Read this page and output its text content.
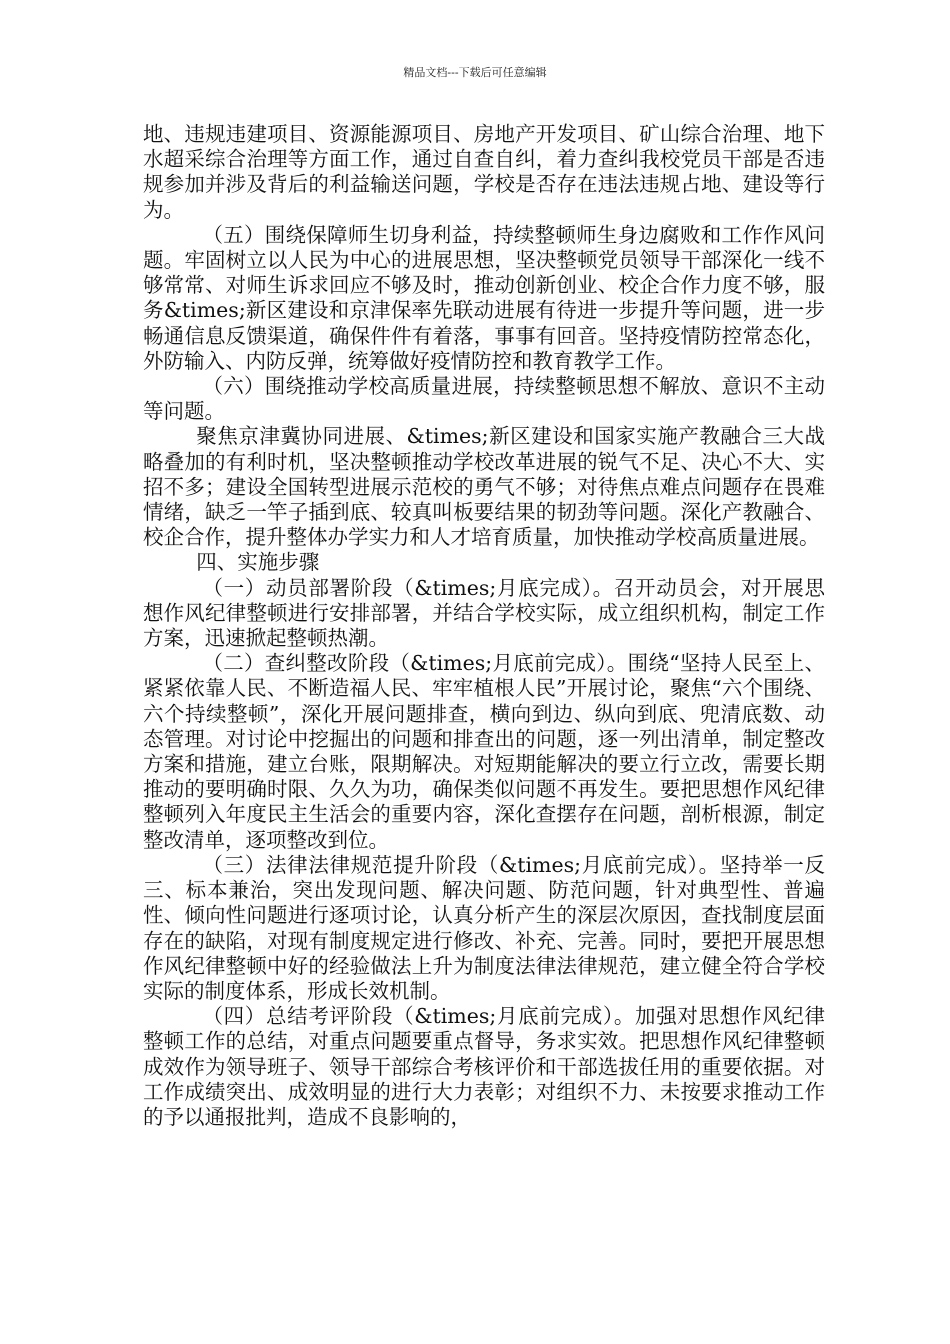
精品文档---下载后可任意编辑

地、违规违建项目、资源能源项目、房地产开发项目、矿山综合治理、地下水超采综合治理等方面工作，通过自查自纠，着力查纠我校党员干部是否违规参加并涉及背后的利益输送问题，学校是否存在违法违规占地、建设等行为。

（五）围绕保障师生切身利益，持续整顿师生身边腐败和工作作风问题。牢固树立以人民为中心的进展思想，坚决整顿党员领导干部深化一线不够常常、对师生诉求回应不够及时，推动创新创业、校企合作力度不够，服务&times;新区建设和京津保率先联动进展有待进一步提升等问题，进一步畅通信息反馈渠道，确保件件有着落，事事有回音。坚持疫情防控常态化，外防输入、内防反弹，统筹做好疫情防控和教育教学工作。

（六）围绕推动学校高质量进展，持续整顿思想不解放、意识不主动等问题。

聚焦京津冀协同进展、&times;新区建设和国家实施产教融合三大战略叠加的有利时机，坚决整顿推动学校改革进展的锐气不足、决心不大、实招不多；建设全国转型进展示范校的勇气不够；对待焦点难点问题存在畏难情绪，缺乏一竿子插到底、较真叫板要结果的韧劲等问题。深化产教融合、校企合作，提升整体办学实力和人才培育质量，加快推动学校高质量进展。

四、实施步骤

（一）动员部署阶段（&times;月底完成）。召开动员会，对开展思想作风纪律整顿进行安排部署，并结合学校实际，成立组织机构，制定工作方案，迅速掀起整顿热潮。

（二）查纠整改阶段（&times;月底前完成）。围绕“坚持人民至上、紧紧依靠人民、不断造福人民、牢牢植根人民”开展讨论，聚焦“六个围绕、六个持续整顿”，深化开展问题排查，横向到边、纵向到底、兜清底数、动态管理。对讨论中挖掘出的问题和排查出的问题，逐一列出清单，制定整改方案和措施，建立台账，限期解决。对短期能解决的要立行立改，需要长期推动的要明确时限、久久为功，确保类似问题不再发生。要把思想作风纪律整顿列入年度民主生活会的重要内容，深化查摆存在问题，剖析根源，制定整改清单，逐项整改到位。

（三）法律法律规范提升阶段（&times;月底前完成）。坚持举一反三、标本兼治，突出发现问题、解决问题、防范问题，针对典型性、普遍性、倾向性问题进行逐项讨论，认真分析产生的深层次原因，查找制度层面存在的缺陷，对现有制度规定进行修改、补充、完善。同时，要把开展思想作风纪律整顿中好的经验做法上升为制度法律法律规范，建立健全符合学校实际的制度体系，形成长效机制。

（四）总结考评阶段（&times;月底前完成）。加强对思想作风纪律整顿工作的总结，对重点问题要重点督导，务求实效。把思想作风纪律整顿成效作为领导班子、领导干部综合考核评价和干部选拔任用的重要依据。对工作成绩突出、成效明显的进行大力表彰；对组织不力、未按要求推动工作的予以通报批判，造成不良影响的，
